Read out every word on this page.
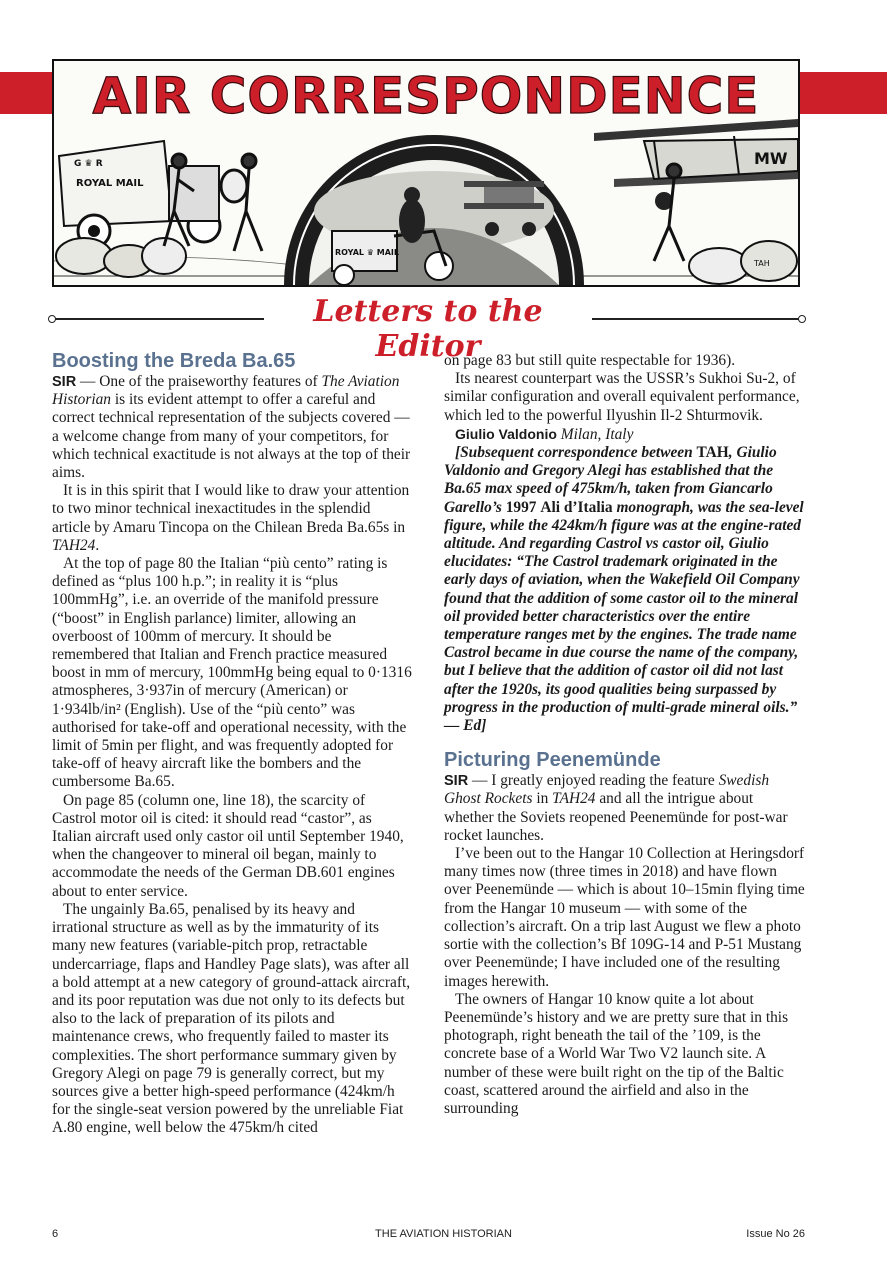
ROYAL ♛ MAIL
G ♛ R
ROYAL MAIL
MW
TAH
AIR CORRESPONDENCE
Letters to the Editor
Boosting the Breda Ba.65

SIR — One of the praiseworthy features of The Aviation Historian is its evident attempt to offer a careful and correct technical representation of the subjects covered — a welcome change from many of your competitors, for which technical exactitude is not always at the top of their aims.

It is in this spirit that I would like to draw your attention to two minor technical inexactitudes in the splendid article by Amaru Tincopa on the Chilean Breda Ba.65s in TAH24.

At the top of page 80 the Italian “più cento” rating is defined as “plus 100 h.p.”; in reality it is “plus 100mmHg”, i.e. an override of the manifold pressure (“boost” in English parlance) limiter, allowing an overboost of 100mm of mercury. It should be remembered that Italian and French practice measured boost in mm of mercury, 100mmHg being equal to 0·1316 atmospheres, 3·937in of mercury (American) or 1·934lb/in² (English). Use of the “più cento” was authorised for take-off and operational necessity, with the limit of 5min per flight, and was frequently adopted for take-off of heavy aircraft like the bombers and the cumbersome Ba.65.

On page 85 (column one, line 18), the scarcity of Castrol motor oil is cited: it should read “castor”, as Italian aircraft used only castor oil until September 1940, when the changeover to mineral oil began, mainly to accommodate the needs of the German DB.601 engines about to enter service.

The ungainly Ba.65, penalised by its heavy and irrational structure as well as by the immaturity of its many new features (variable-pitch prop, retractable undercarriage, flaps and Handley Page slats), was after all a bold attempt at a new category of ground-attack aircraft, and its poor reputation was due not only to its defects but also to the lack of preparation of its pilots and maintenance crews, who frequently failed to master its complexities. The short performance summary given by Gregory Alegi on page 79 is generally correct, but my sources give a better high-speed performance (424km/h for the single-seat version powered by the unreliable Fiat A.80 engine, well below the 475km/h cited

on page 83 but still quite respectable for 1936).

Its nearest counterpart was the USSR’s Sukhoi Su-2, of similar configuration and overall equivalent performance, which led to the powerful Ilyushin Il-2 Shturmovik.

Giulio Valdonio Milan, Italy

[Subsequent correspondence between TAH, Giulio Valdonio and Gregory Alegi has established that the Ba.65 max speed of 475km/h, taken from Giancarlo Garello’s 1997 Ali d’Italia monograph, was the sea-level figure, while the 424km/h figure was at the engine-rated altitude. And regarding Castrol vs castor oil, Giulio elucidates: “The Castrol trademark originated in the early days of aviation, when the Wakefield Oil Company found that the addition of some castor oil to the mineral oil provided better characteristics over the entire temperature ranges met by the engines. The trade name Castrol became in due course the name of the company, but I believe that the addition of castor oil did not last after the 1920s, its good qualities being surpassed by progress in the production of multi-grade mineral oils.” — Ed]

Picturing Peenemünde

SIR — I greatly enjoyed reading the feature Swedish Ghost Rockets in TAH24 and all the intrigue about whether the Soviets reopened Peenemünde for post-war rocket launches.

I’ve been out to the Hangar 10 Collection at Heringsdorf many times now (three times in 2018) and have flown over Peenemünde — which is about 10–15min flying time from the Hangar 10 museum — with some of the collection’s aircraft. On a trip last August we flew a photo sortie with the collection’s Bf 109G-14 and P-51 Mustang over Peenemünde; I have included one of the resulting images herewith.

The owners of Hangar 10 know quite a lot about Peenemünde’s history and we are pretty sure that in this photograph, right beneath the tail of the ’109, is the concrete base of a World War Two V2 launch site. A number of these were built right on the tip of the Baltic coast, scattered around the airfield and also in the surrounding

6	THE AVIATION HISTORIAN	Issue No 26
